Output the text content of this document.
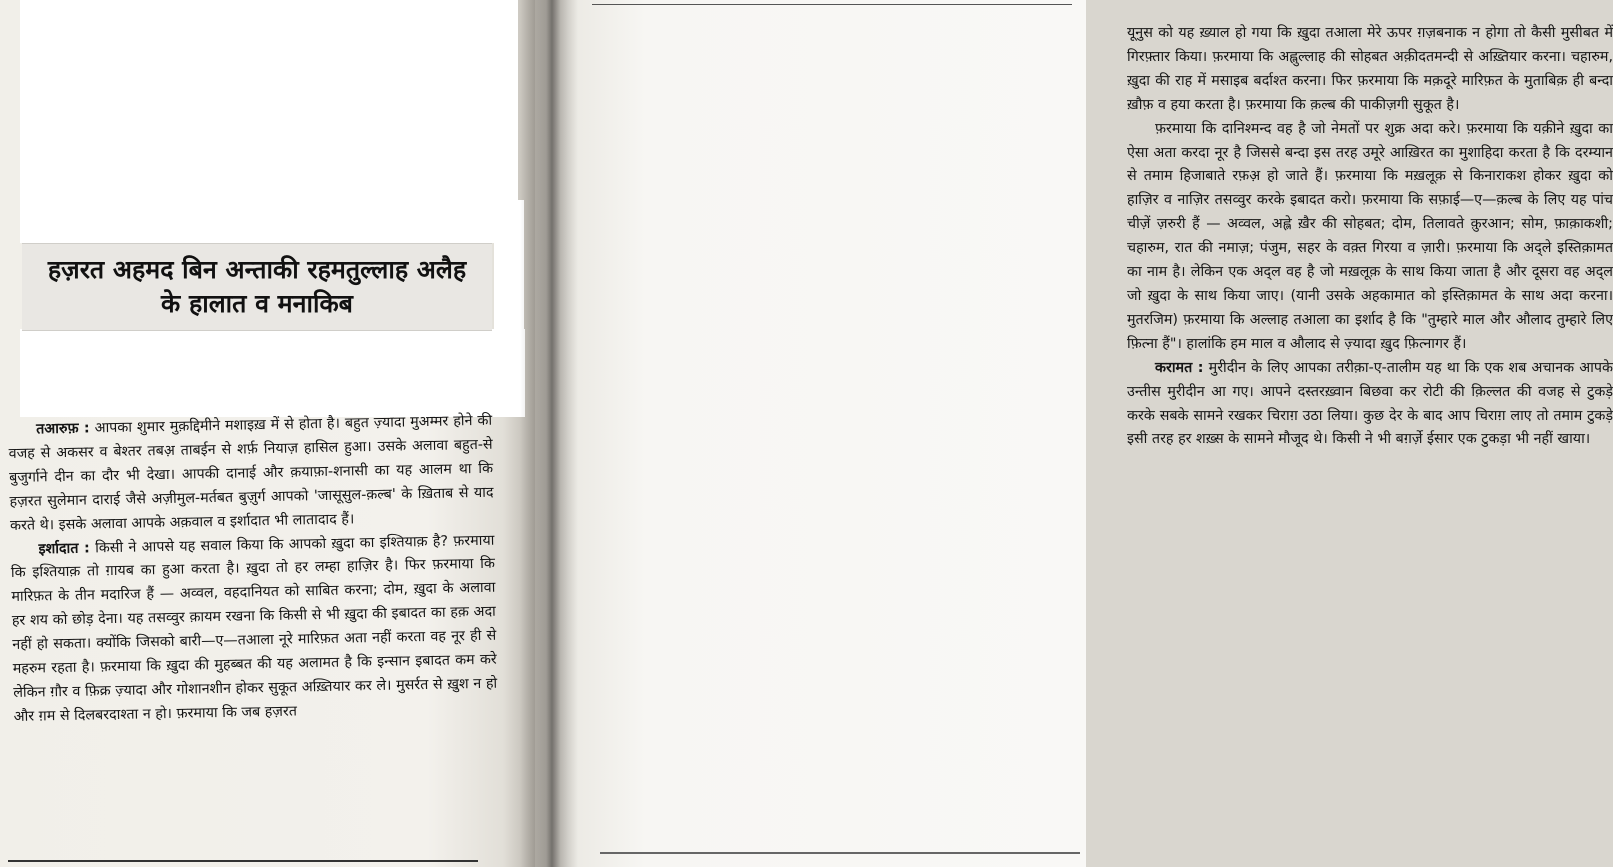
हज़रत अहमद बिन अन्ताकी रहमतुल्लाह अलैह
के हालात व मनाकिब

तआरुफ़ : आपका शुमार मुक़द्दिमीने मशाइख़ में से होता है। बहुत ज़्यादा मुअम्मर होने की वजह से अकसर व बेश्तर तबअ़ ताबईन से शर्फ़ नियाज़ हासिल हुआ। उसके अलावा बहुत-से बुजुर्गाने दीन का दौर भी देखा। आपकी दानाई और क़याफ़ा-शनासी का यह आलम था कि हज़रत सुलेमान दाराई जैसे अज़ीमुल-मर्तबत बुज़ुर्ग आपको 'जासूसुल-क़ल्ब' के ख़िताब से याद करते थे। इसके अलावा आपके अक़वाल व इर्शादात भी लातादाद हैं।

इर्शादात : किसी ने आपसे यह सवाल किया कि आपको ख़ुदा का इश्तियाक़ है? फ़रमाया कि इश्तियाक़ तो ग़ायब का हुआ करता है। ख़ुदा तो हर लम्हा हाज़िर है। फिर फ़रमाया कि मारिफ़त के तीन मदारिज हैं — अव्वल, वहदानियत को साबित करना; दोम, ख़ुदा के अलावा हर शय को छोड़ देना। यह तसव्वुर क़ायम रखना कि किसी से भी ख़ुदा की इबादत का हक़ अदा नहीं हो सकता। क्योंकि जिसको बारी—ए—तआला नूरे मारिफ़त अता नहीं करता वह नूर ही से महरुम रहता है। फ़रमाया कि ख़ुदा की मुहब्बत की यह अलामत है कि इन्सान इबादत कम करे लेकिन ग़ौर व फ़िक्र ज़्यादा और गोशानशीन होकर सुकूत अख़्तियार कर ले। मुसर्रत से ख़ुश न हो और ग़म से दिलबरदाश्ता न हो। फ़रमाया कि जब हज़रत

यूनुस को यह ख़्याल हो गया कि ख़ुदा तआला मेरे ऊपर ग़ज़बनाक न होगा तो कैसी मुसीबत में गिरफ़्तार किया। फ़रमाया कि अह्लुल्लाह की सोहबत अक़ीदतमन्दी से अख़्तियार करना। चहारुम, ख़ुदा की राह में मसाइब बर्दाश्त करना। फिर फ़रमाया कि मक़दूरे मारिफ़त के मुताबिक़ ही बन्दा ख़ौफ़ व हया करता है। फ़रमाया कि क़ल्ब की पाकीज़गी सुकूत है।

फ़रमाया कि दानिश्मन्द वह है जो नेमतों पर शुक्र अदा करे। फ़रमाया कि यक़ीने ख़ुदा का ऐसा अता करदा नूर है जिससे बन्दा इस तरह उमूरे आख़िरत का मुशाहिदा करता है कि दरम्यान से तमाम हिजाबाते रफ़अ़ हो जाते हैं। फ़रमाया कि मख़लूक़ से किनाराकश होकर ख़ुदा को हाज़िर व नाज़िर तसव्वुर करके इबादत करो। फ़रमाया कि सफ़ाई—ए—क़ल्ब के लिए यह पांच चीज़ें ज़रुरी हैं — अव्वल, अह्ले ख़ैर की सोहबत; दोम, तिलावते क़ुरआन; सोम, फ़ाक़ाकशी; चहारुम, रात की नमाज़; पंजुम, सहर के वक़्त गिरया व ज़ारी। फ़रमाया कि अद्ले इस्तिक़ामत का नाम है। लेकिन एक अद्ल वह है जो मख़लूक़ के साथ किया जाता है और दूसरा वह अद्ल जो ख़ुदा के साथ किया जाए। (यानी उसके अहकामात को इस्तिक़ामत के साथ अदा करना। मुतरजिम) फ़रमाया कि अल्लाह तआला का इर्शाद है कि "तुम्हारे माल और औलाद तुम्हारे लिए फ़ित्ना हैं"। हालांकि हम माल व औलाद से ज़्यादा ख़ुद फ़ित्नागर हैं।

करामत : मुरीदीन के लिए आपका तरीक़ा-ए-तालीम यह था कि एक शब अचानक आपके उन्तीस मुरीदीन आ गए। आपने दस्तरख़्वान बिछवा कर रोटी की क़िल्लत की वजह से टुकड़े करके सबके सामने रखकर चिराग़ उठा लिया। कुछ देर के बाद आप चिराग़ लाए तो तमाम टुकड़े इसी तरह हर शख़्स के सामने मौजूद थे। किसी ने भी बग़र्ज़े ईसार एक टुकड़ा भी नहीं खाया।
